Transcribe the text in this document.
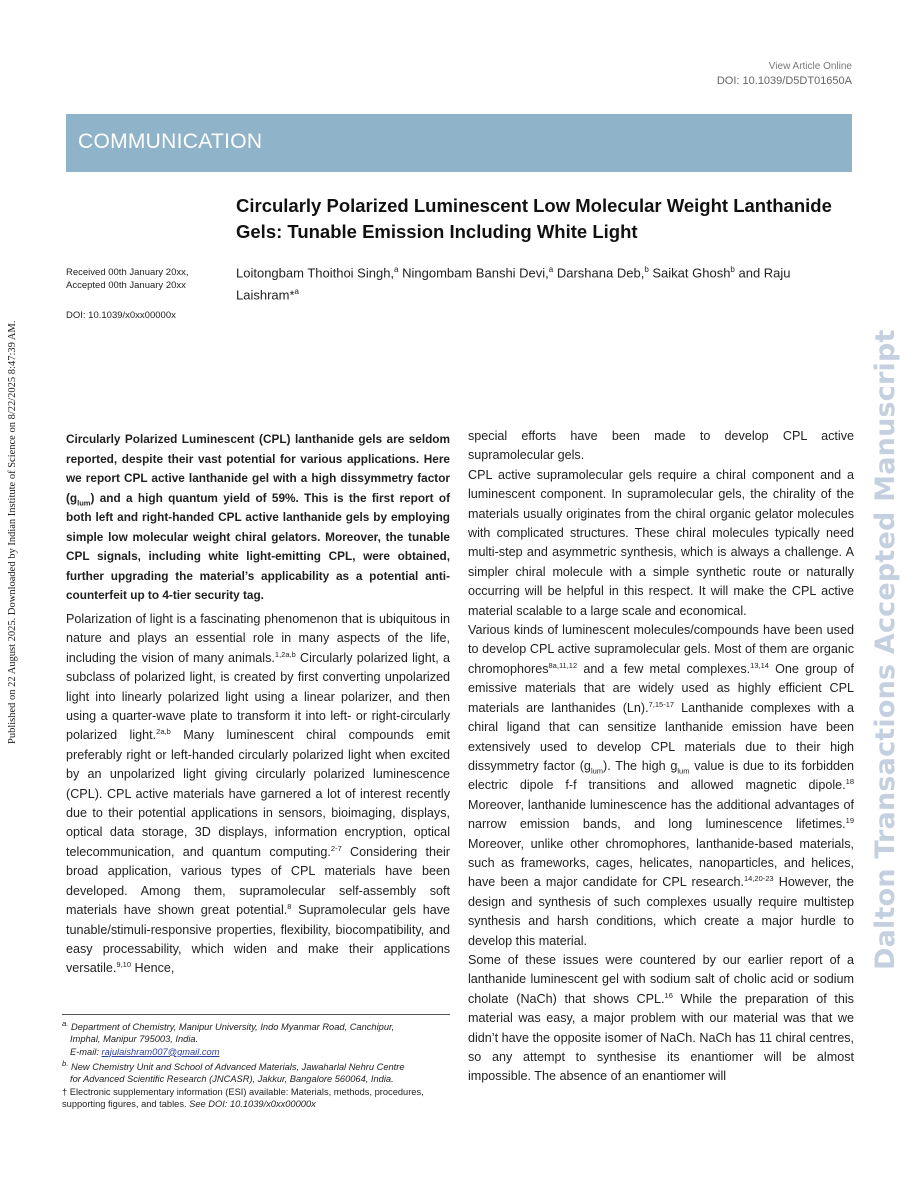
View Article Online
DOI: 10.1039/D5DT01650A
COMMUNICATION
Published on 22 August 2025. Downloaded by Indian Institute of Science on 8/22/2025 8:47:39 AM.	Dalton Transactions Accepted Manuscript
Circularly Polarized Luminescent Low Molecular Weight Lanthanide Gels: Tunable Emission Including White Light
Loitongbam Thoithoi Singh,$^a$ Ningombam Banshi Devi,$^a$ Darshana Deb,$^b$ Saikat Ghosh$^b$ and Raju Laishram*$^a$
Received 00th January 20xx,
Accepted 00th January 20xx
DOI: 10.1039/x0xx00000x
Circularly Polarized Luminescent (CPL) lanthanide gels are seldom reported, despite their vast potential for various applications. Here we report CPL active lanthanide gel with a high dissymmetry factor $(g_{lum})$ and a high quantum yield of 59%. This is the first report of both left and right-handed CPL active lanthanide gels by employing simple low molecular weight chiral gelators. Moreover, the tunable CPL signals, including white light-emitting CPL, were obtained, further upgrading the material’s applicability as a potential anti-counterfeit up to 4-tier security tag.
Polarization of light is a fascinating phenomenon that is ubiquitous in nature and plays an essential role in many aspects of the life, including the vision of many animals.$^{1,2a,b}$ Circularly polarized light, a subclass of polarized light, is created by first converting unpolarized light into linearly polarized light using a linear polarizer, and then using a quarter-wave plate to transform it into left- or right-circularly polarized light.$^{2a,b}$ Many luminescent chiral compounds emit preferably right or left-handed circularly polarized light when excited by an unpolarized light giving circularly polarized luminescence (CPL). CPL active materials have garnered a lot of interest recently due to their potential applications in sensors, bioimaging, displays, optical data storage, 3D displays, information encryption, optical telecommunication, and quantum computing.$^{2-7}$ Considering their broad application, various types of CPL materials have been developed. Among them, supramolecular self-assembly soft materials have shown great potential.$^8$ Supramolecular gels have tunable/stimuli-responsive properties, flexibility, biocompatibility, and easy processability, which widen and make their applications versatile.$^{9,10}$ Hence,

special efforts have been made to develop CPL active supramolecular gels.

CPL active supramolecular gels require a chiral component and a luminescent component. In supramolecular gels, the chirality of the materials usually originates from the chiral organic gelator molecules with complicated structures. These chiral molecules typically need multi-step and asymmetric synthesis, which is always a challenge. A simpler chiral molecule with a simple synthetic route or naturally occurring will be helpful in this respect. It will make the CPL active material scalable to a large scale and economical.

Various kinds of luminescent molecules/compounds have been used to develop CPL active supramolecular gels. Most of them are organic chromophores$^{8a,11,12}$ and a few metal complexes.$^{13,14}$ One group of emissive materials that are widely used as highly efficient CPL materials are lanthanides (Ln).$^{7,15-17}$ Lanthanide complexes with a chiral ligand that can sensitize lanthanide emission have been extensively used to develop CPL materials due to their high dissymmetry factor $(g_{lum})$. The high $g_{lum}$ value is due to its forbidden electric dipole f-f transitions and allowed magnetic dipole.$^{18}$ Moreover, lanthanide luminescence has the additional advantages of narrow emission bands, and long luminescence lifetimes.$^{19}$ Moreover, unlike other chromophores, lanthanide-based materials, such as frameworks, cages, helicates, nanoparticles, and helices, have been a major candidate for CPL research.$^{14,20-23}$ However, the design and synthesis of such complexes usually require multistep synthesis and harsh conditions, which create a major hurdle to develop this material.

Some of these issues were countered by our earlier report of a lanthanide luminescent gel with sodium salt of cholic acid or sodium cholate (NaCh) that shows CPL.$^{16}$ While the preparation of this material was easy, a major problem with our material was that we didn’t have the opposite isomer of NaCh. NaCh has 11 chiral centres, so any attempt to synthesise its enantiomer will be almost impossible. The absence of an enantiomer will

$^{a.}$ Department of Chemistry, Manipur University, Indo Myanmar Road, Canchipur,

Imphal, Manipur 795003, India.

E-mail: rajulaishram007@gmail.com

$^{b.}$ New Chemistry Unit and School of Advanced Materials, Jawaharlal Nehru Centre

for Advanced Scientific Research (JNCASR), Jakkur, Bangalore 560064, India.

† Electronic supplementary information (ESI) available: Materials, methods, procedures, supporting figures, and tables. See DOI: 10.1039/x0xx00000x
